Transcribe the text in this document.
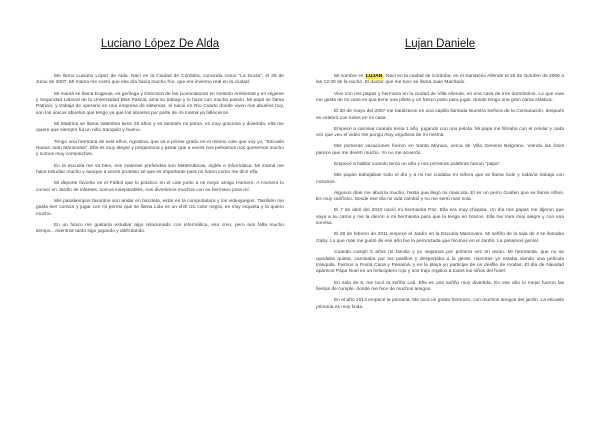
Luciano López De Alda

Me llamo Luciano López de Alda. Nací en la Ciudad de Córdoba, conocida como "La Docta", el 26 de Junio de 2007. Mi mama me contó que ese día hacía mucho frío, que era invierno real en la ciudad.

Mi mamá se llama Eugenia, es geóloga y Directora de las Licenciaturas en Gestión Ambiental y en Higiene y Seguridad Laboral de la Universidad Blas Pascal, ama su trabajo y lo hace con mucha pasión. Mi papá se llama Patricio, y trabaja de operario en una empresa de sistemas, el nació en Río Cuarto donde viven mis abuelos hoy, son los únicos abuelos que tengo ya que los abuelos por parte de mi mamá ya fallecieron.

Mi Madrina se llama Valentina tiene 26 años y es también mi prima, es muy graciosa y divertida, ella me quiere que siempre fui un niño tranquilo y bueno.

Tengo una hermana de seis años, Agustina, que va a primer grado en el mismo cole que voy yo, "Escuela Nueva Juan Mantovani". Ella es muy alegre y preguntona y pesar que a veces nos peleamos nos queremos mucho y somos muy compinches.

En la escuela me va bien, mis materias preferidas son Matemáticas, inglés e informática. Mi mamá me hace estudiar mucho y aunque a veces protesto sé que es importante para mi futuro como me dice ella.

Mi deporte favorito es el Fútbol que lo practico en el cole junto a mi mejor amigo Homero. A Homero lo conocí en Jardín de infantes, somos inseparables, nos divertimos muchos con su hermano para mí.

Mis pasatiempos favoritos son andar en bicicleta, estar en la computadora y los videojuegos. También me gusta leer comics y jugar con mi perrito que se llama Lola es un shih tzu color negra, es muy inquieta y la quiero mucho.

En un futuro me gustaría estudiar algo relacionado con informática, eso creo, pero aún falta mucho tiempo…mientras tanto sigo jugando y disfrutando.

Lujan Daniele

Mi nombre es LUJAN. Nací en la ciudad de Córdoba, en el Sanatorio Allende el 26 de Octubre de 2006 a las 12:30 de la noche. El doctor que me tuvo se llama Juan Machado.

Vivo con mis papas y hermana en la ciudad de Villa Allende, en una casa de tres dormitorios. Lo que mas me gusta de mi casa es que tiene una pileta y un fresco patio para jugar, donde tengo una gran cama elástica.

El 20 de mayo del 2007 me bautizaron en una capilla llamada Nuestra Señora de la Consolación, después se celebró con todos en mi casa.

Empecé a caminar cuando tenía 1 año, jugando con una pelota. Mi papa me filmaba con el celular y cada vez que veo el video me pongo muy orgullosa de mi misma.

Mis primeras vacaciones fueron en Santa Mónica, cerca de Villa General Belgrano. Viendo las fotos parece que me divertí mucho. Yo no me acuerdo.

Empecé a hablar cuando tenía un año y mis primeras palabras fueron "papa".

Mis papas trabajaban todo el día y a mi me cuidaba mi niñera que se llama Sole y todavía trabaja con nosotros.

Algunos días me aburría mucho, hasta que llegó mi mascota. El es un perro Golden que se llama Athos. Es muy cariñoso. Desde ese día mi vida cambió y no me sentí mas sola.

El 7 de abril del 2010 nació mi hermanita Paz. Ella era muy chiquita. Un día mis papas me dijeron que vaya a su cama y me la dieron a mi hermanita para que la tenga en brazos. Ella me mira muy alegre y con una sonrisa.

El 28 de febrero de 2011 empecé el Jardín en la Escuela Mantovani. Mi señño de la sala de 4 se llamaba Gaby. Lo que mas me gustó de ese año fue la pernoctada que hicimos en el Jardín. La pasamos genial.

Cuando cumplí 5 años mi familia y yo viajamos por primera vez en avión. Mi hermanita, que no se quedaba quieta, caminaba por los pasillos y despertaba a la gente, mientras yo estaba viendo una película tranquila. Fuimos a Punta Cana y Panamá, y en la playa yo participe de un desfile de modas. El día de Navidad apareció Papa Noel en un helicóptero rojo y nos trajo regalos a todos los niños del hotel.

En sala de 5, me tocó la señño Leti. Ella es una señño muy divertida. En ese año lo mejor fueron las fiestas de cumple, donde me hice de muchos amigos.

En el año 2013 empecé la primaria. Me tocó un grado hermoso, con muchos amigos del jardín. La escuela primaria es muy linda.
